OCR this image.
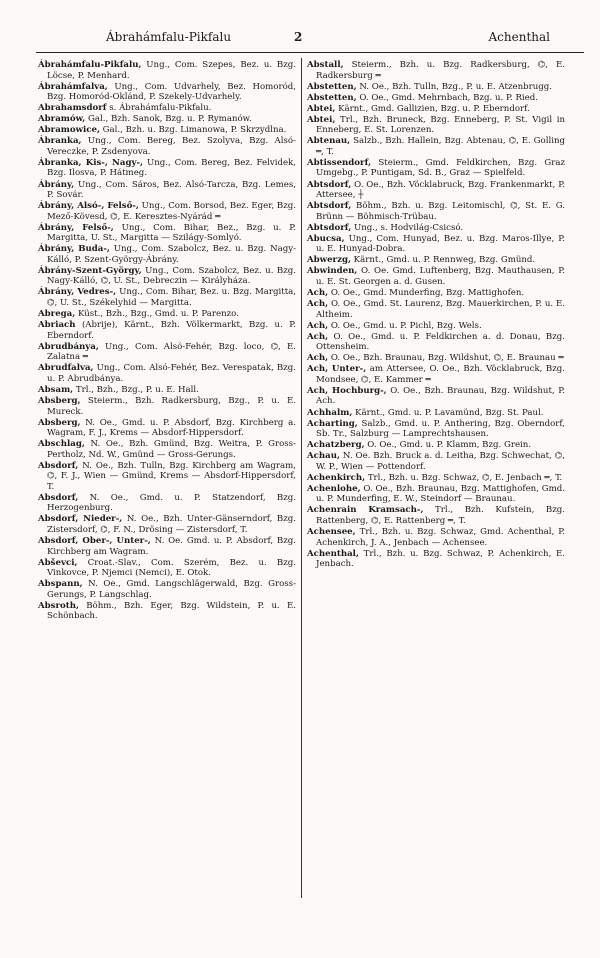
Ábrahámfalu-Pikfalu	2	Achenthal

Ábrahámfalu-Pikfalu, Ung., Com. Szepes, Bez. u. Bzg. Löcse, P. Menhard.

Ábrahámfalva, Ung., Com. Udvarhely, Bez. Homoród, Bzg. Homoród-Oklánd, P. Szekely-Udvarhely.

Abrahamsdorf s. Ábrahámfalu-Pikfalu.

Abramów, Gal., Bzh. Sanok, Bzg. u. P. Rymanów.

Abramowice, Gal., Bzh. u. Bzg. Limanowa, P. Skrzydlna.

Ábranka, Ung., Com. Bereg, Bez. Szolyva, Bzg. Alsó-Vereczke, P. Zsdenyova.

Ábranka, Kis-, Nagy-, Ung., Com. Bereg, Bez. Felvidek, Bzg. Ilosva, P. Hátmeg.

Ábrány, Ung., Com. Sáros, Bez. Alsó-Tarcza, Bzg. Lemes, P. Sovár.

Ábrány, Alsó-, Felső-, Ung., Com. Borsod, Bez. Eger, Bzg. Mező-Kövesd, ⌬, E. Keresztes-Nyárád ═

Ábrány, Felső-, Ung., Com. Bihar, Bez., Bzg. u. P. Margitta, U. St., Margitta — Szilágy-Somlyó.

Ábrány, Buda-, Ung., Com. Szabolcz, Bez. u. Bzg. Nagy-Kálló, P. Szent-György-Ábrány.

Ábrány-Szent-György, Ung., Com. Szabolcz, Bez. u. Bzg. Nagy-Kálló, ⌬, U. St., Debreczin — Királyháza.

Ábrány, Vedres-, Ung., Com. Bihar, Bez. u. Bzg. Margitta, ⌬, U. St., Székelyhid — Margitta.

Abrega, Küst., Bzh., Bzg., Gmd. u. P. Parenzo.

Abriach (Abrije), Kärnt., Bzh. Völkermarkt, Bzg. u. P. Eberndorf.

Abrudbánya, Ung., Com. Alsó-Fehér, Bzg. loco, ⌬, E. Zalatna ═

Abrudfalva, Ung., Com. Alsó-Fehér, Bez. Verespatak, Bzg. u. P. Abrudbánya.

Absam, Trl., Bzh., Bzg., P. u. E. Hall.

Absberg, Steierm., Bzh. Radkersburg, Bzg., P. u. E. Mureck.

Absberg, N. Oe., Gmd. u. P. Absdorf, Bzg. Kirchberg a. Wagram, F. J., Krems — Absdorf-Hippersdorf.

Abschlag, N. Oe., Bzh. Gmünd, Bzg. Weitra, P. Gross-Pertholz, Nd. W., Gmünd — Gross-Gerungs.

Absdorf, N. Oe., Bzh. Tulln, Bzg. Kirchberg am Wagram, ⌬, F. J., Wien — Gmünd, Krems — Absdorf-Hippersdorf, T.

Absdorf, N. Oe., Gmd. u. P. Statzendorf, Bzg. Herzogenburg.

Absdorf, Nieder-, N. Oe., Bzh. Unter-Gänserndorf, Bzg. Zistersdorf, ⌬, F. N., Drösing — Zistersdorf, T.

Absdorf, Ober-, Unter-, N. Oe. Gmd. u. P. Absdorf, Bzg. Kirchberg am Wagram.

Abševci, Croat.-Slav., Com. Szerém, Bez. u. Bzg. Vinkovce, P. Njemci (Nemci), E. Otok.

Abspann, N. Oe., Gmd. Langschlägerwald, Bzg. Gross-Gerungs, P. Langschlag.

Absroth, Böhm., Bzh. Eger, Bzg. Wildstein, P. u. E. Schönbach.

Abstall, Steierm., Bzh. u. Bzg. Radkersburg, ⌬, E. Radkersburg ═

Abstetten, N. Oe., Bzh. Tulln, Bzg., P. u. E. Atzenbrugg.

Abstetten, O. Oe., Gmd. Mehrnbach, Bzg. u. P. Ried.

Abtei, Kärnt., Gmd. Gallizien, Bzg. u. P. Eberndorf.

Abtei, Trl., Bzh. Bruneck, Bzg. Enneberg, P. St. Vigil in Enneberg, E. St. Lorenzen.

Abtenau, Salzb., Bzh. Hallein, Bzg. Abtenau, ⌬, E. Golling ═, T.

Abtissendorf, Steierm., Gmd. Feldkirchen, Bzg. Graz Umgebg., P. Puntigam, Sd. B., Graz — Spielfeld.

Abtsdorf, O. Oe., Bzh. Vöcklabruck, Bzg. Frankenmarkt, P. Attersee, ┼

Abtsdorf, Böhm., Bzh. u. Bzg. Leitomischl, ⌬, St. E. G. Brünn — Böhmisch-Trübau.

Abtsdorf, Ung., s. Hodvilág-Csicsó.

Abucsa, Ung., Com. Hunyad, Bez. u. Bzg. Maros-Illye, P. u. E. Hunyad-Dobra.

Abwerzg, Kärnt., Gmd. u. P. Rennweg, Bzg. Gmünd.

Abwinden, O. Oe. Gmd. Luftenberg, Bzg. Mauthausen, P. u. E. St. Georgen a. d. Gusen.

Ach, O. Oe., Gmd. Munderfing, Bzg. Mattighofen.

Ach, O. Oe., Gmd. St. Laurenz, Bzg. Mauerkirchen, P. u. E. Altheim.

Ach, O. Oe., Gmd. u. P. Pichl, Bzg. Wels.

Ach, O. Oe., Gmd. u. P. Feldkirchen a. d. Donau, Bzg. Ottensheim.

Ach, O. Oe., Bzh. Braunau, Bzg. Wildshut, ⌬, E. Braunau ═

Ach, Unter-, am Attersee, O. Oe., Bzh. Vöcklabruck, Bzg. Mondsee, ⌬, E. Kammer ═

Ach, Hochburg-, O. Oe., Bzh. Braunau, Bzg. Wildshut, P. Ach.

Achhalm, Kärnt., Gmd. u. P. Lavamünd, Bzg. St. Paul.

Acharting, Salzb., Gmd. u. P. Anthering, Bzg. Oberndorf, Sb. Tr., Salzburg — Lamprechtshausen.

Achatzberg, O. Oe., Gmd. u. P. Klamm, Bzg. Grein.

Achau, N. Oe. Bzh. Bruck a. d. Leitha, Bzg. Schwechat, ⌬, W. P., Wien — Pottendorf.

Achenkirch, Trl., Bzh. u. Bzg. Schwaz, ⌬, E. Jenbach ═, T.

Achenlohe, O. Oe., Bzh. Braunau, Bzg. Mattighofen, Gmd. u. P. Munderfing, E. W., Steindorf — Braunau.

Achenrain Kramsach-, Trl., Bzh. Kufstein, Bzg. Rattenberg, ⌬, E. Rattenberg ═, T.

Achensee, Trl., Bzh. u. Bzg. Schwaz, Gmd. Achenthal, P. Achenkirch, J. A., Jenbach — Achensee.

Achenthal, Trl., Bzh. u. Bzg. Schwaz, P. Achenkirch, E. Jenbach.
